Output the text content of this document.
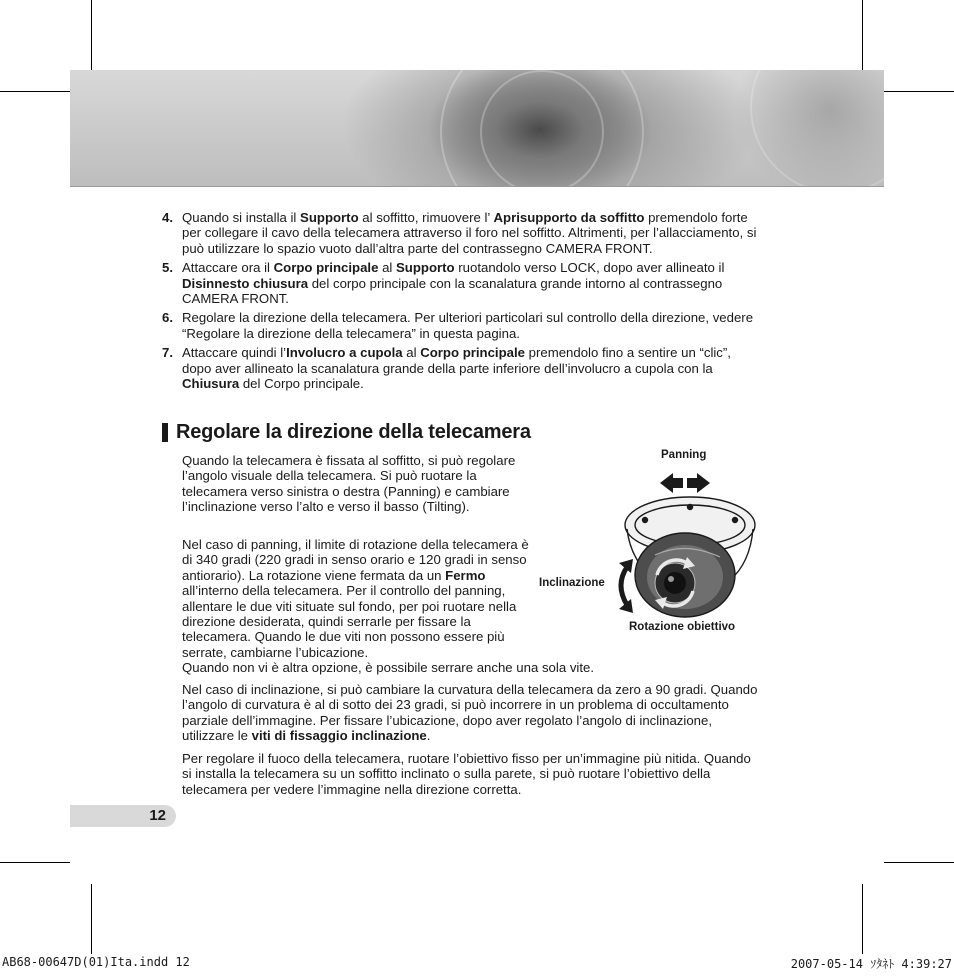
4. Quando si installa il Supporto al soffitto, rimuovere l’ Aprisupporto da soffitto premendolo forte per collegare il cavo della telecamera attraverso il foro nel soffitto. Altrimenti, per l’allacciamento, si può utilizzare lo spazio vuoto dall’altra parte del contrassegno CAMERA FRONT.
5. Attaccare ora il Corpo principale al Supporto ruotandolo verso LOCK, dopo aver allineato il Disinnesto chiusura del corpo principale con la scanalatura grande intorno al contrassegno CAMERA FRONT.
6. Regolare la direzione della telecamera. Per ulteriori particolari sul controllo della direzione, vedere “Regolare la direzione della telecamera” in questa pagina.
7. Attaccare quindi l’Involucro a cupola al Corpo principale premendolo fino a sentire un “clic”, dopo aver allineato la scanalatura grande della parte inferiore dell’involucro a cupola con la Chiusura del Corpo principale.
Regolare la direzione della telecamera

Quando la telecamera è fissata al soffitto, si può regolare l’angolo visuale della telecamera. Si può ruotare la telecamera verso sinistra o destra (Panning) e cambiare l’inclinazione verso l’alto e verso il basso (Tilting).

Nel caso di panning, il limite di rotazione della telecamera è di 340 gradi (220 gradi in senso orario e 120 gradi in senso antiorario). La rotazione viene fermata da un Fermo all’interno della telecamera. Per il controllo del panning, allentare le due viti situate sul fondo, per poi ruotare nella direzione desiderata, quindi serrarle per fissare la telecamera. Quando le due viti non possono essere più serrate, cambiarne l’ubicazione.

Quando non vi è altra opzione, è possibile serrare anche una sola vite.

Nel caso di inclinazione, si può cambiare la curvatura della telecamera da zero a 90 gradi. Quando l’angolo di curvatura è al di sotto dei 23 gradi, si può incorrere in un problema di occultamento parziale dell’immagine. Per fissare l’ubicazione, dopo aver regolato l’angolo di inclinazione, utilizzare le viti di fissaggio inclinazione.

Per regolare il fuoco della telecamera, ruotare l’obiettivo fisso per un’immagine più nitida. Quando si installa la telecamera su un soffitto inclinato o sulla parete, si può ruotare l’obiettivo della telecamera per vedere l’immagine nella direzione corretta.

Panning
Inclinazione
Rotazione obiettivo
12
AB68-00647D(01)Ita.indd 12	2007-05-14 ｿﾀﾈﾄ 4:39:27
